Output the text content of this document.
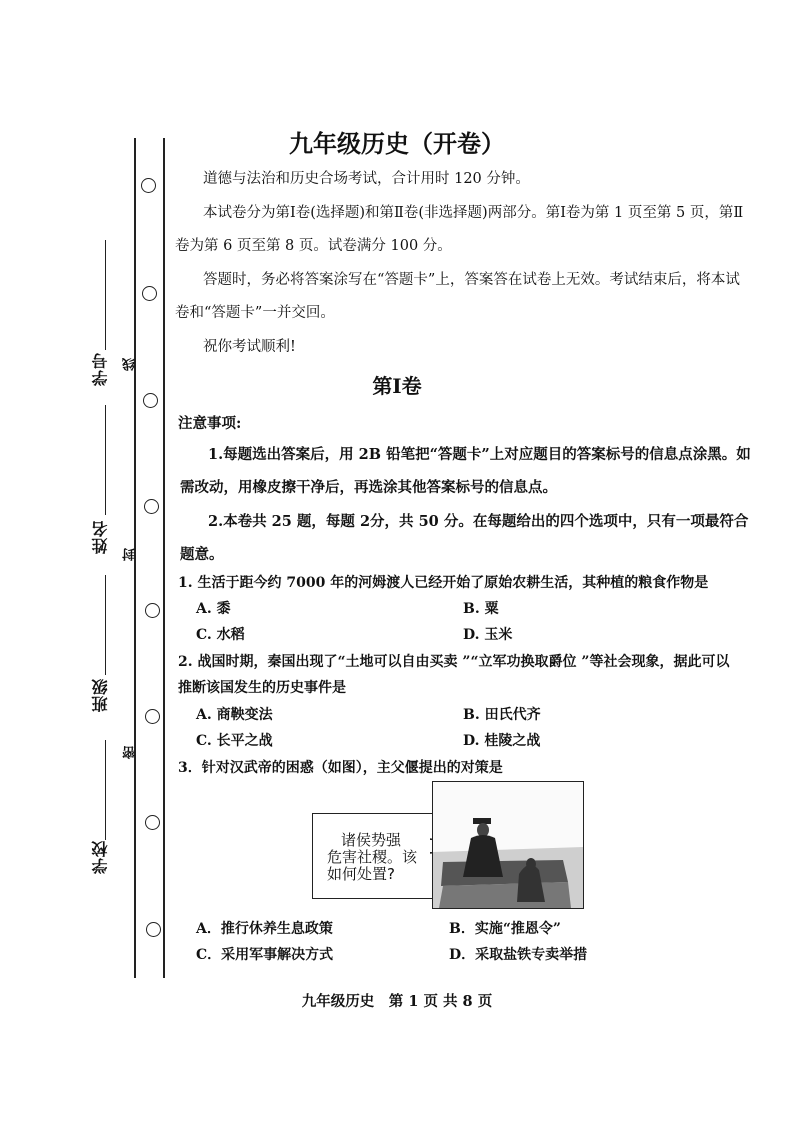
学号
姓名
班级
学校
线
封
密
九年级历史（开卷）

道德与法治和历史合场考试，合计用时 120 分钟。

本试卷分为第Ⅰ卷(选择题)和第Ⅱ卷(非选择题)两部分。第Ⅰ卷为第 1 页至第 5 页，第Ⅱ卷为第 6 页至第 8 页。试卷满分 100 分。

答题时，务必将答案涂写在“答题卡”上，答案答在试卷上无效。考试结束后，将本试卷和“答题卡”一并交回。

祝你考试顺利!

第Ⅰ卷
注意事项:

1.每题选出答案后，用 2B 铅笔把“答题卡”上对应题目的答案标号的信息点涂黑。如需改动，用橡皮擦干净后，再选涂其他答案标号的信息点。

2.本卷共 25 题，每题 2分，共 50 分。在每题给出的四个选项中，只有一项最符合题意。

1. 生活于距今约 7000 年的河姆渡人已经开始了原始农耕生活，其种植的粮食作物是
A. 黍	B. 粟
C. 水稻	D. 玉米
2. 战国时期，秦国出现了“土地可以自由买卖 ”“立军功换取爵位 ”等社会现象，据此可以
推断该国发生的历史事件是
A. 商鞅变法	B. 田氏代齐
C. 长平之战	D. 桂陵之战
3．针对汉武帝的困惑（如图），主父偃提出的对策是
诸侯势强
危害社稷。该
如何处置?
A．推行休养生息政策	B．实施“推恩令”
C．采用军事解决方式	D．采取盐铁专卖举措
九年级历史　第 1 页 共 8 页
